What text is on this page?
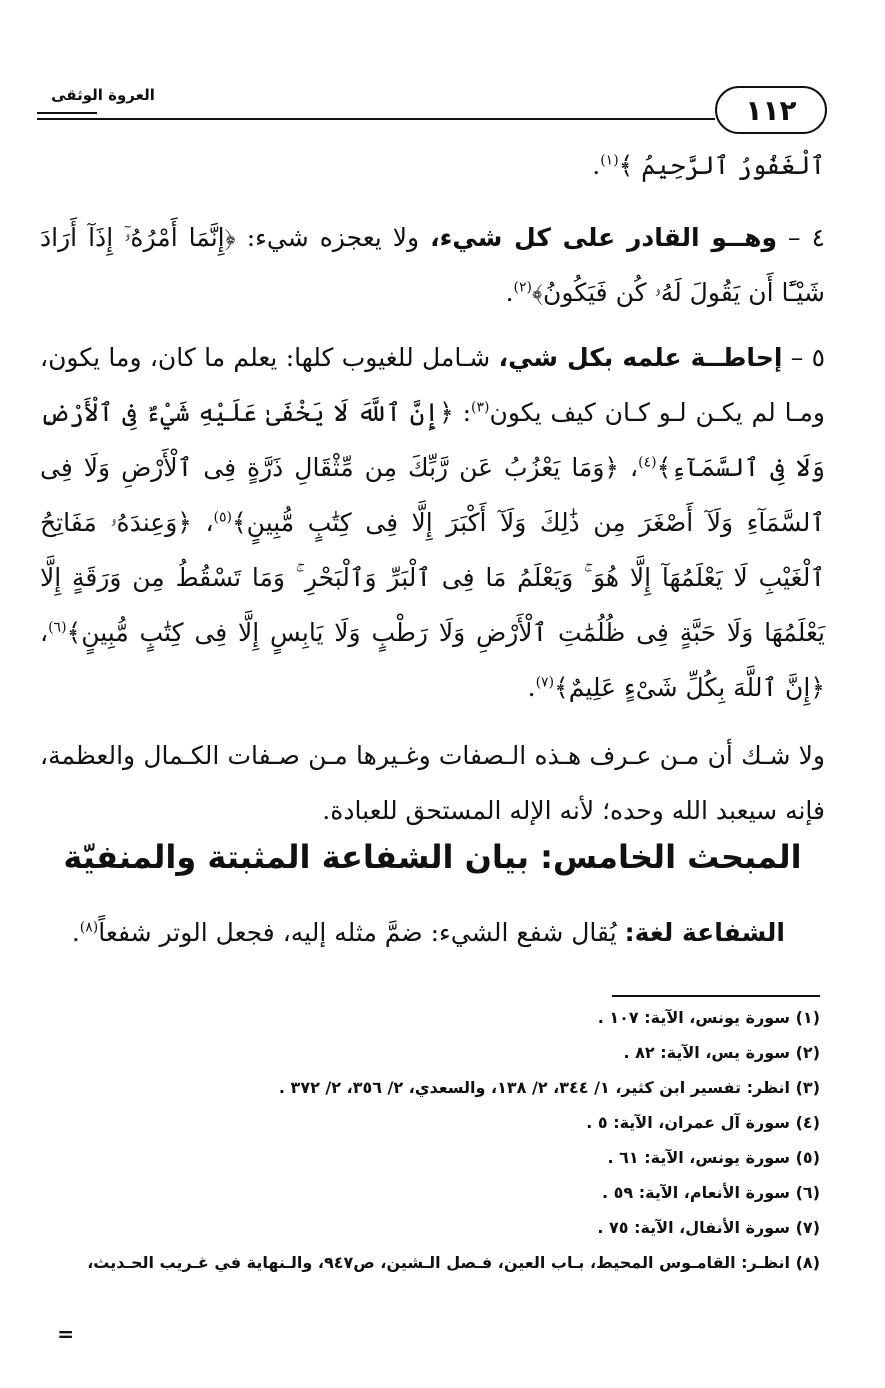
١١٢
العروة الوثقى
ٱلْغَفُورُ ٱلرَّحِيمُ ﴾$^{(١)}$.
٤ – وهــو القادر على كل شيء، ولا يعجزه شيء: ﴿إِنَّمَا أَمْرُهُۥٓ إِذَآ أَرَادَ شَيْـًٔا أَن يَقُولَ لَهُۥ كُن فَيَكُونُ﴾$^{(٢)}$.
٥ – إحاطــة علمه بكل شي، شـامل للغيوب كلها: يعلم ما كان، وما يكون، ومـا لم يكـن لـو كـان كيف يكون$^{(٣)}$: ﴿إِنَّ ٱللَّهَ لَا يَخْفَىٰ عَلَيْهِ شَيْءٌ فِى ٱلْأَرْضِ وَلَا فِى ٱلسَّمَآءِ﴾$^{(٤)}$، ﴿وَمَا يَعْزُبُ عَن رَّبِّكَ مِن مِّثْقَالِ ذَرَّةٍ فِى ٱلْأَرْضِ وَلَا فِى ٱلسَّمَآءِ وَلَآ أَصْغَرَ مِن ذَٰلِكَ وَلَآ أَكْبَرَ إِلَّا فِى كِتَٰبٍ مُّبِينٍ﴾$^{(٥)}$، ﴿وَعِندَهُۥ مَفَاتِحُ ٱلْغَيْبِ لَا يَعْلَمُهَآ إِلَّا هُوَ ۚ وَيَعْلَمُ مَا فِى ٱلْبَرِّ وَٱلْبَحْرِ ۚ وَمَا تَسْقُطُ مِن وَرَقَةٍ إِلَّا يَعْلَمُهَا وَلَا حَبَّةٍ فِى ظُلُمَٰتِ ٱلْأَرْضِ وَلَا رَطْبٍ وَلَا يَابِسٍ إِلَّا فِى كِتَٰبٍ مُّبِينٍ﴾$^{(٦)}$، ﴿إِنَّ ٱللَّهَ بِكُلِّ شَىْءٍ عَلِيمٌ﴾$^{(٧)}$.
ولا شـك أن مـن عـرف هـذه الـصفات وغـيرها مـن صـفات الكـمال والعظمة، فإنه سيعبد الله وحده؛ لأنه الإله المستحق للعبادة.
المبحث الخامس: بيان الشفاعة المثبتة والمنفيّة
الشفاعة لغة: يُقال شفع الشيء: ضمَّ مثله إليه، فجعل الوتر شفعاً$^{(٨)}$.
(١) سورة يونس، الآية: ١٠٧ .
(٢) سورة يس، الآية: ٨٢ .
(٣) انظر: تفسير ابن كثير، ١/ ٣٤٤، ٢/ ١٣٨، والسعدي، ٢/ ٣٥٦، ٢/ ٣٧٢ .
(٤) سورة آل عمران، الآية: ٥ .
(٥) سورة يونس، الآية: ٦١ .
(٦) سورة الأنعام، الآية: ٥٩ .
(٧) سورة الأنفال، الآية: ٧٥ .
(٨) انظـر: القامـوس المحيط، بـاب العين، فـصل الـشين، ص٩٤٧، والـنهاية في غـريب الحـديث،
=
